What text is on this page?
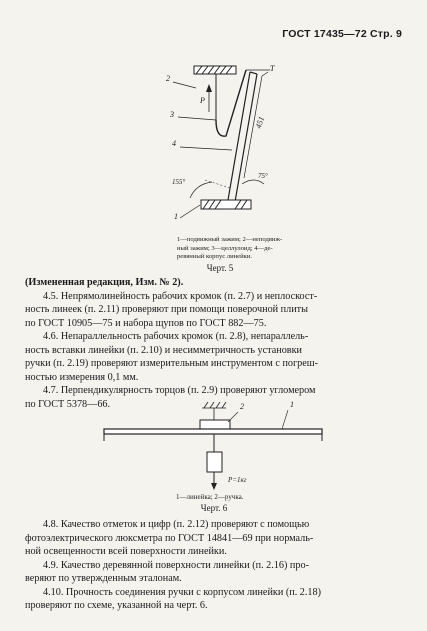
ГОСТ 17435—72 Стр. 9
2
Т
Р
3
4
451
155°
75°
1
1—подвижный зажим; 2—неподвиж-
ный зажим; 3—целлулоид; 4—де-
ревянный корпус линейки.
Черт. 5
(Измененная редакция, Изм. № 2).
4.5. Непрямолинейность рабочих кромок (п. 2.7) и неплоскост-
ность линеек (п. 2.11) проверяют при помощи поверочной плиты
по ГОСТ 10905—75 и набора щупов по ГОСТ 882—75.
4.6. Непараллельность рабочих кромок (п. 2.8), непараллель-
ность вставки линейки (п. 2.10) и несимметричность установки
ручки (п. 2.19) проверяют измерительным инструментом с погреш-
ностью измерения 0,1 мм.
4.7. Перпендикулярность торцов (п. 2.9) проверяют угломером
по ГОСТ 5378—66.	2	1
Р=1кг
1—линейка; 2—ручка.
Черт. 6
4.8. Качество отметок и цифр (п. 2.12) проверяют с помощью
фотоэлектрического люксметра по ГОСТ 14841—69 при нормаль-
ной освещенности всей поверхности линейки.
4.9. Качество деревянной поверхности линейки (п. 2.16) про-
веряют по утвержденным эталонам.
4.10. Прочность соединения ручки с корпусом линейки (п. 2.18)
проверяют по схеме, указанной на черт. 6.
